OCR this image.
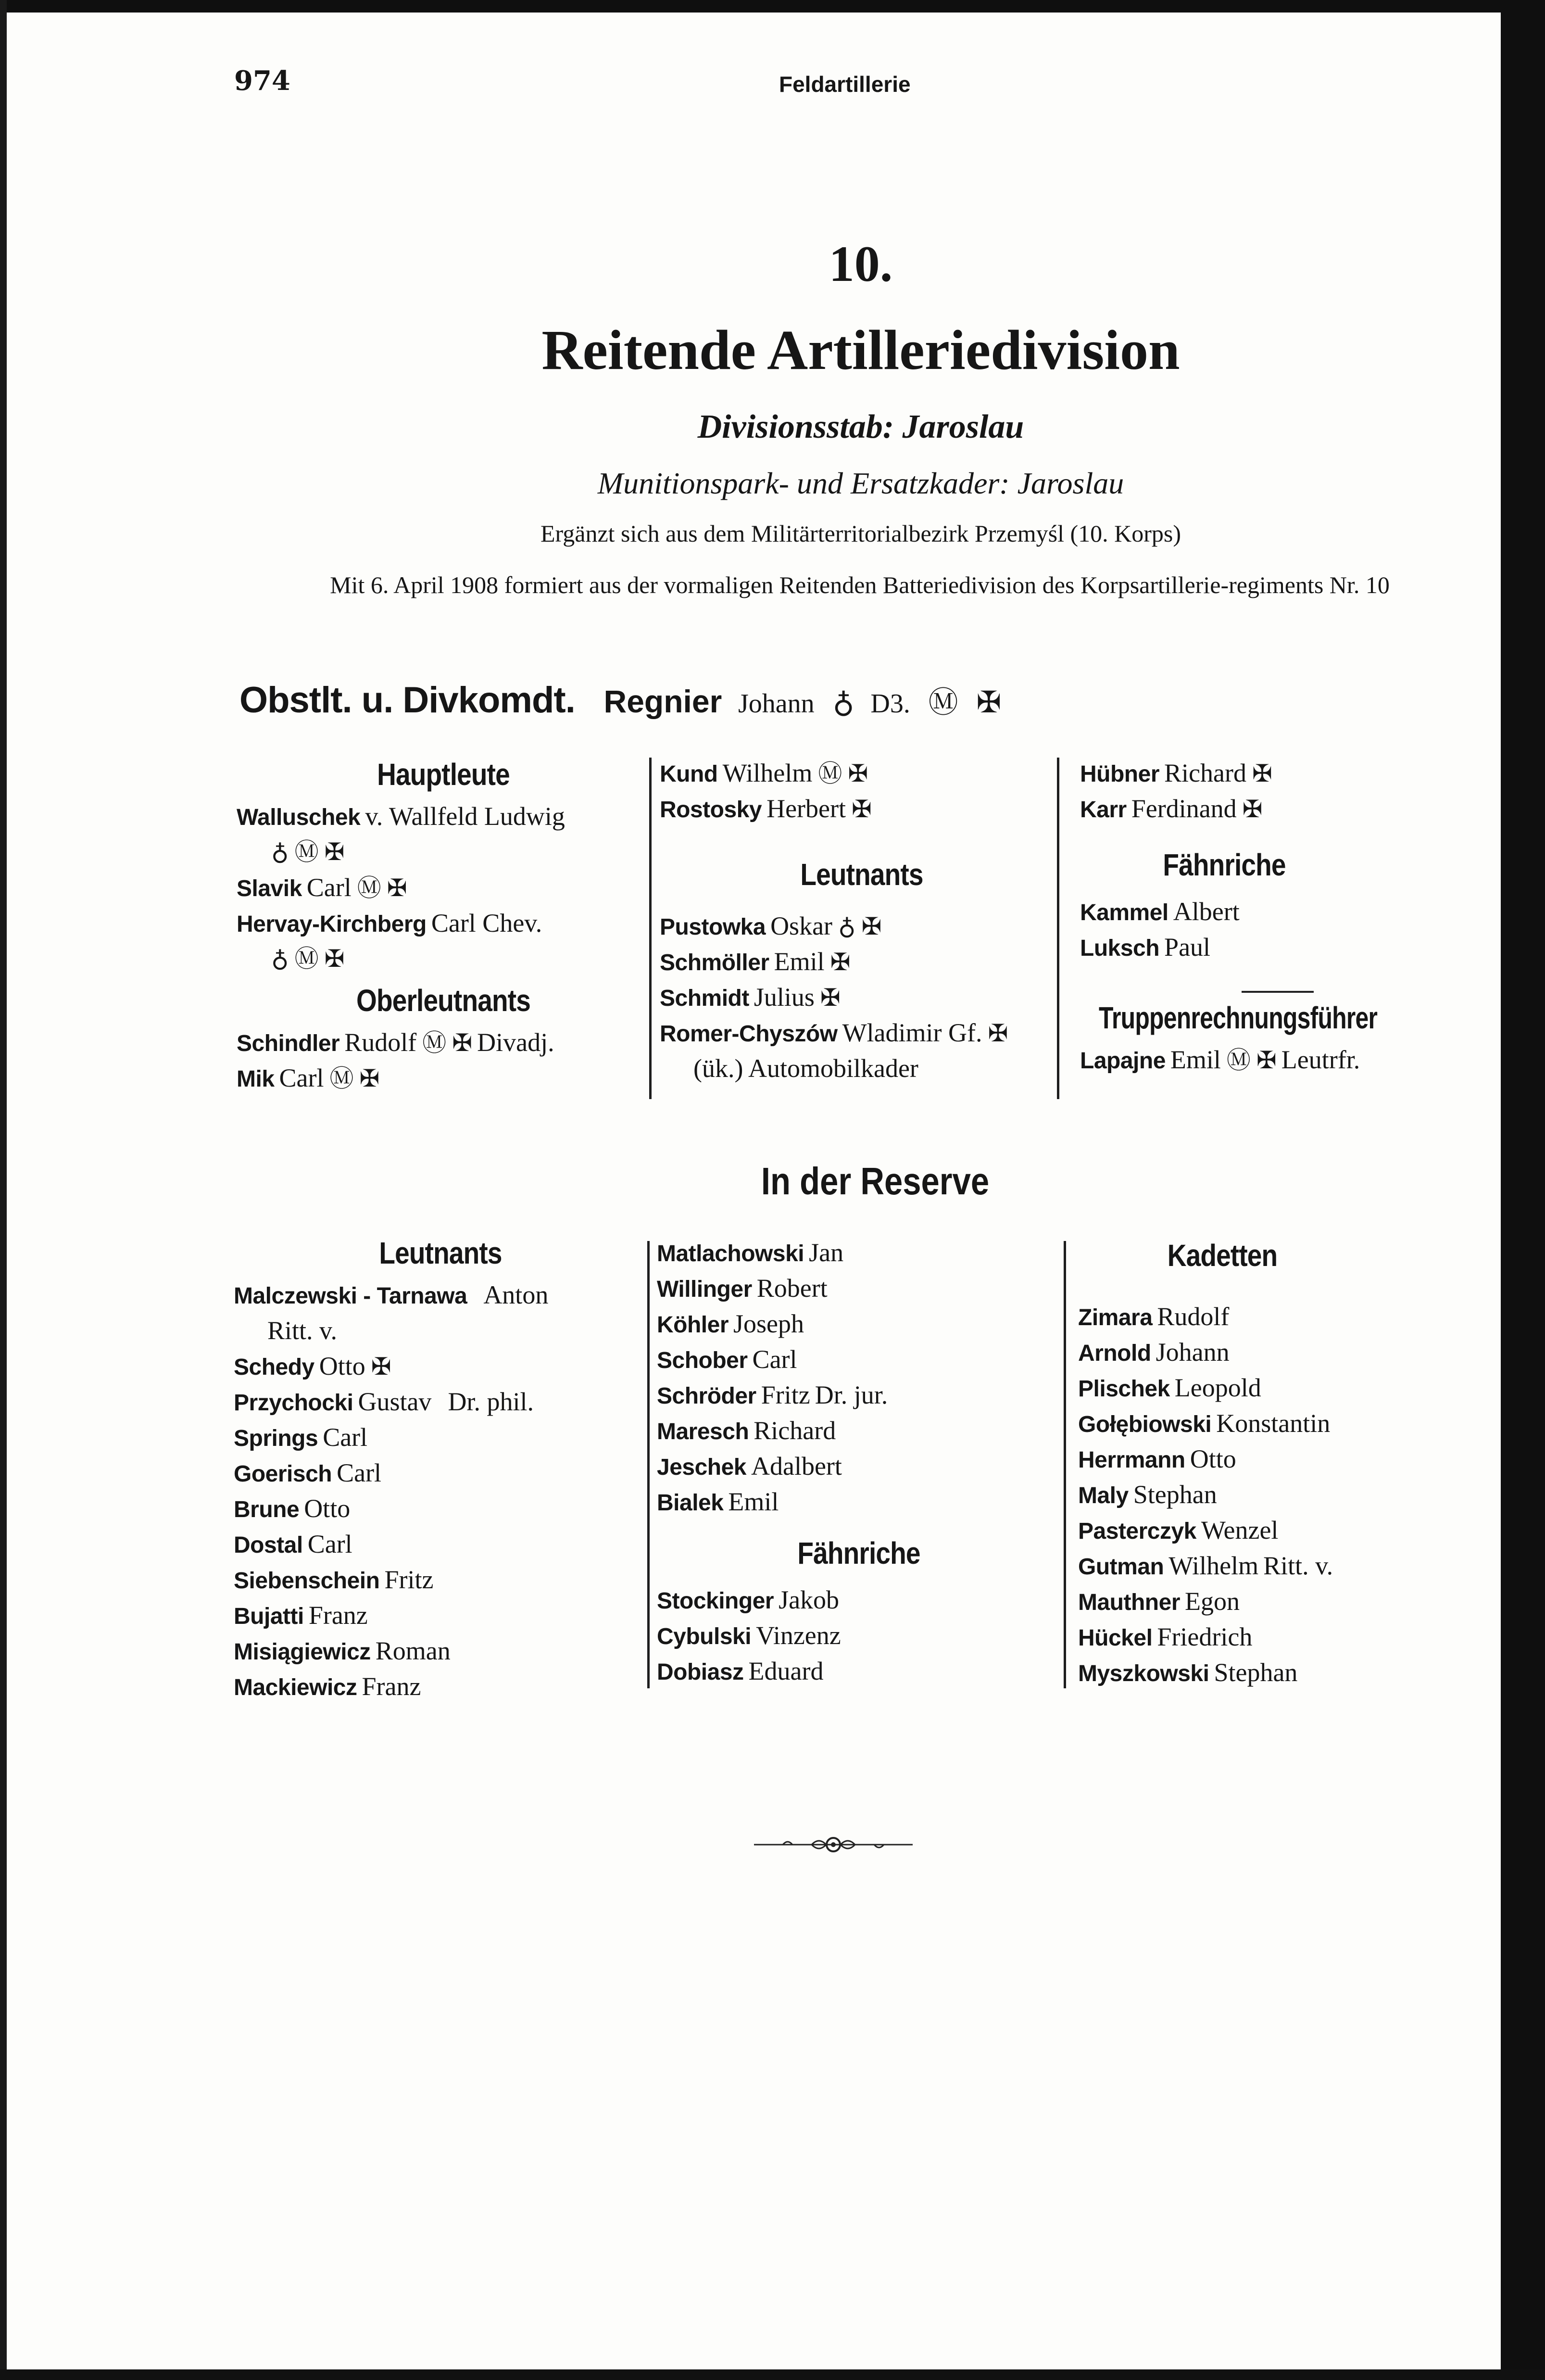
974	Feldartillerie
10.
Reitende Artilleriedivision
Divisionsstab: Jaroslau
Munitionspark- und Ersatzkader: Jaroslau
Ergänzt sich aus dem Militärterritorialbezirk Przemyśl (10. Korps)
Mit 6. April 1908 formiert aus der vormaligen Reitenden Batteriedivision des Korpsartillerie-regiments Nr. 10
Obstlt. u. Divkomdt. Regnier Johann ♁ D3. Ⓜ ✠
Hauptleute
Walluschek v. Wallfeld Ludwig
♁ Ⓜ ✠
Slavik Carl Ⓜ ✠
Hervay-Kirchberg Carl Chev.
♁ Ⓜ ✠
Oberleutnants
Schindler Rudolf Ⓜ ✠ Divadj.
Mik Carl Ⓜ ✠
Kund Wilhelm Ⓜ ✠
Rostosky Herbert ✠
Leutnants
Pustowka Oskar ♁ ✠
Schmöller Emil ✠
Schmidt Julius ✠
Romer-Chyszów Wladimir Gf. ✠
(ük.) Automobilkader
Hübner Richard ✠
Karr Ferdinand ✠
Fähnriche
Kammel Albert
Luksch Paul
Truppenrechnungsführer
Lapajne Emil Ⓜ ✠ Leutrfr.
In der Reserve
Leutnants
Malczewski - Tarnawa Anton
Ritt. v.
Schedy Otto ✠
Przychocki Gustav Dr. phil.
Springs Carl
Goerisch Carl
Brune Otto
Dostal Carl
Siebenschein Fritz
Bujatti Franz
Misiągiewicz Roman
Mackiewicz Franz
Matlachowski Jan
Willinger Robert
Köhler Joseph
Schober Carl
Schröder Fritz Dr. jur.
Maresch Richard
Jeschek Adalbert
Bialek Emil
Fähnriche
Stockinger Jakob
Cybulski Vinzenz
Dobiasz Eduard
Kadetten
Zimara Rudolf
Arnold Johann
Plischek Leopold
Gołębiowski Konstantin
Herrmann Otto
Maly Stephan
Pasterczyk Wenzel
Gutman Wilhelm Ritt. v.
Mauthner Egon
Hückel Friedrich
Myszkowski Stephan
